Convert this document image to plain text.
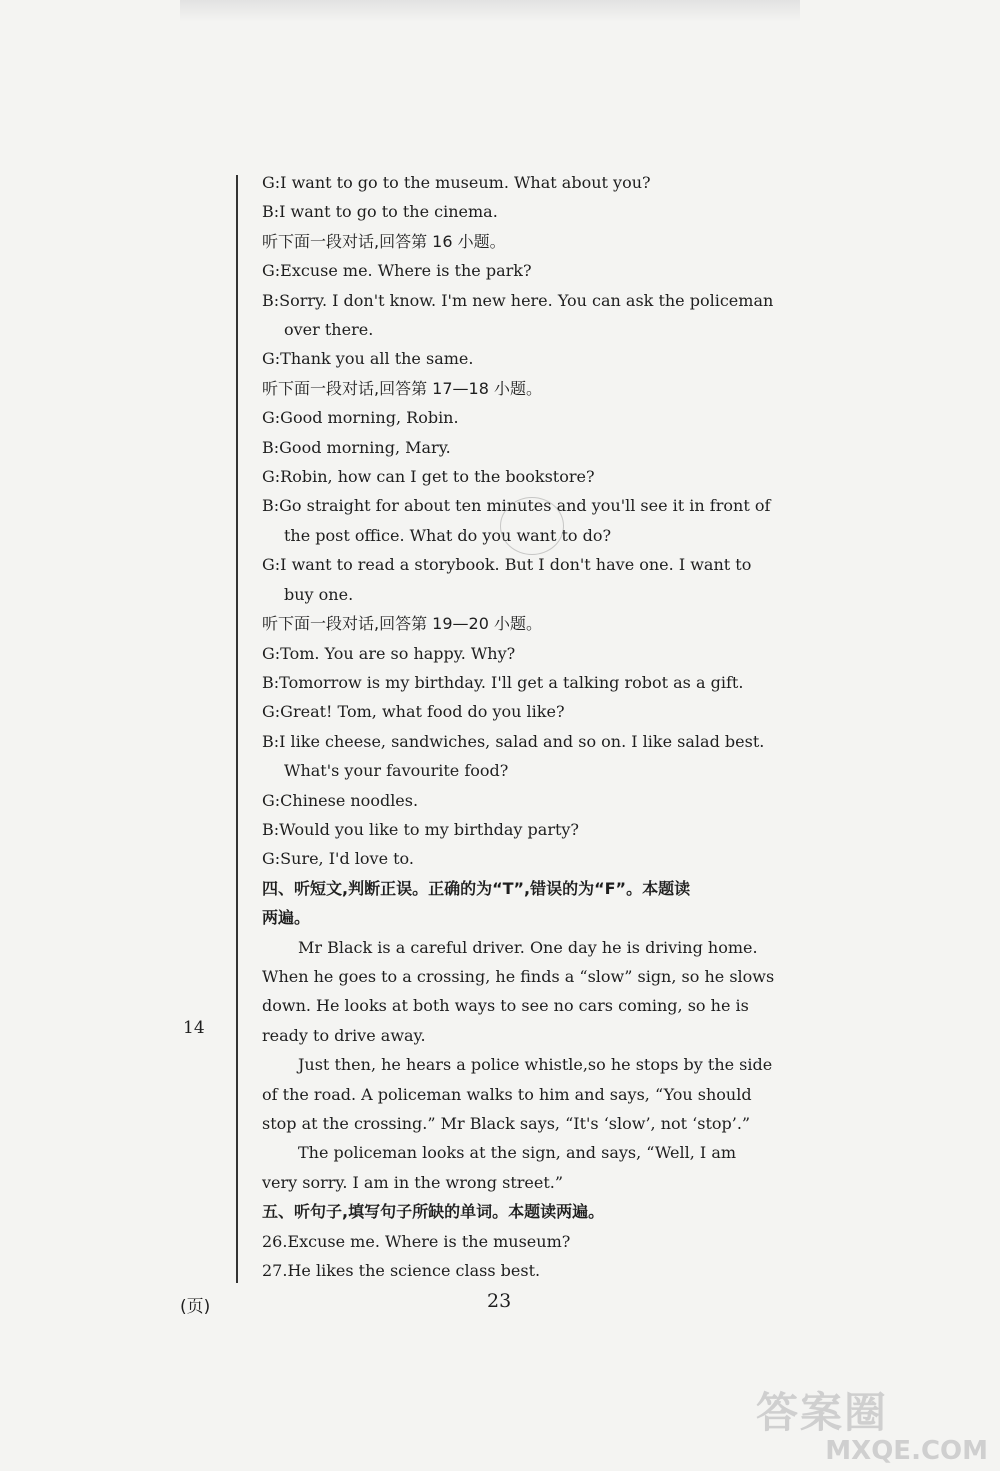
G:I want to go to the museum. What about you?
B:I want to go to the cinema.
听下面一段对话,回答第 16 小题。
G:Excuse me. Where is the park?
B:Sorry. I don't know. I'm new here. You can ask the policeman
over there.
G:Thank you all the same.
听下面一段对话,回答第 17—18 小题。
G:Good morning, Robin.
B:Good morning, Mary.
G:Robin, how can I get to the bookstore?
B:Go straight for about ten minutes and you'll see it in front of
the post office. What do you want to do?
G:I want to read a storybook. But I don't have one. I want to
buy one.
听下面一段对话,回答第 19—20 小题。
G:Tom. You are so happy. Why?
B:Tomorrow is my birthday. I'll get a talking robot as a gift.
G:Great! Tom, what food do you like?
B:I like cheese, sandwiches, salad and so on. I like salad best.
What's your favourite food?
G:Chinese noodles.
B:Would you like to my birthday party?
G:Sure, I'd love to.
四、听短文,判断正误。正确的为“T”,错误的为“F”。本题读
两遍。
Mr Black is a careful driver. One day he is driving home.
When he goes to a crossing, he finds a “slow” sign, so he slows
down. He looks at both ways to see no cars coming, so he is
ready to drive away.
Just then, he hears a police whistle,so he stops by the side
of the road. A policeman walks to him and says, “You should
stop at the crossing.” Mr Black says, “It's ‘slow’, not ‘stop’.”
The policeman looks at the sign, and says, “Well, I am
very sorry. I am in the wrong street.”
五、听句子,填写句子所缺的单词。本题读两遍。
26.Excuse me. Where is the museum?
27.He likes the science class best.
14
(页)	23
答案圈
MXQE.COM
